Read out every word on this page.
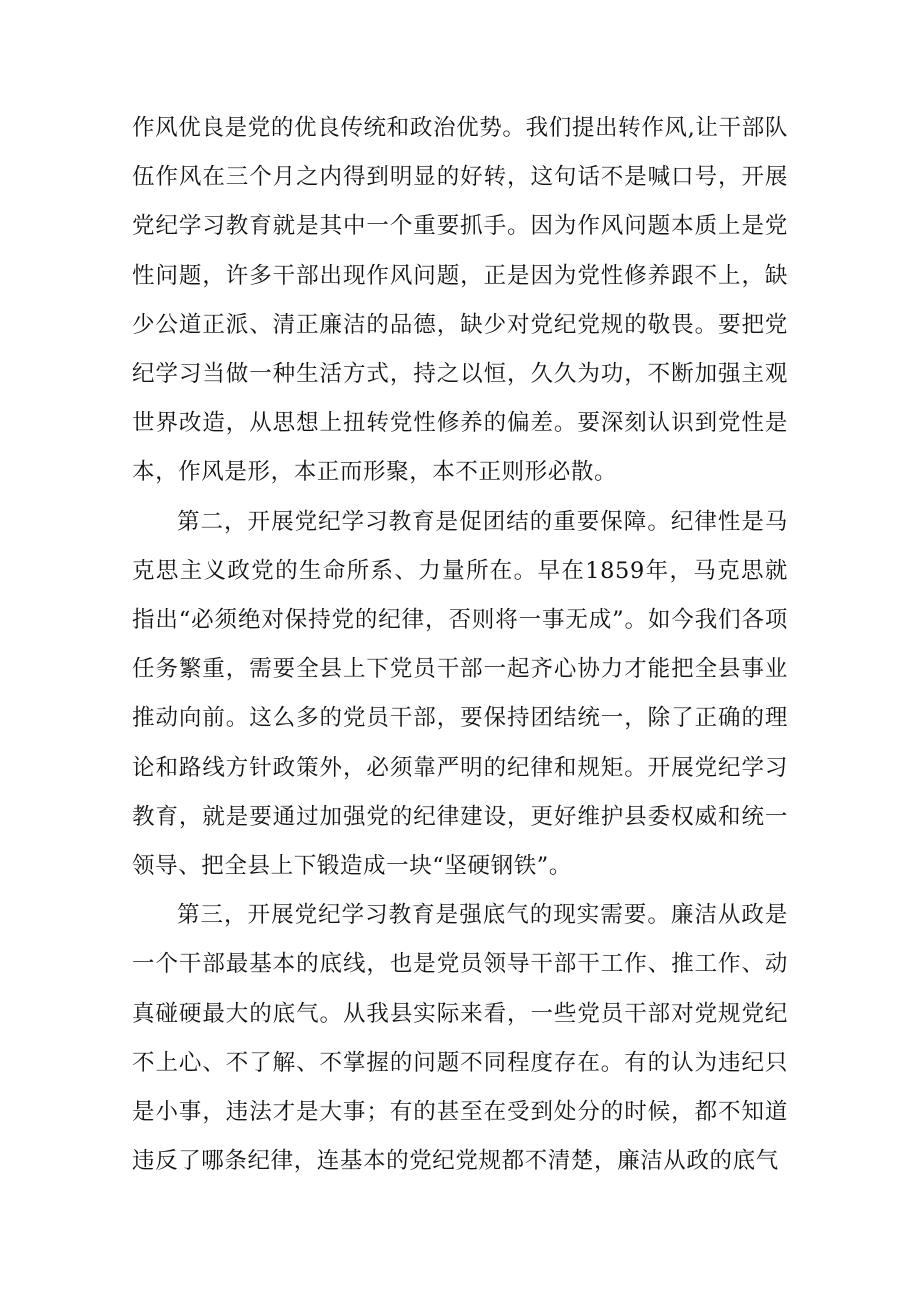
作风优良是党的优良传统和政治优势。我们提出转作风,让干部队伍作风在三个月之内得到明显的好转，这句话不是喊口号，开展党纪学习教育就是其中一个重要抓手。因为作风问题本质上是党性问题，许多干部出现作风问题，正是因为党性修养跟不上，缺少公道正派、清正廉洁的品德，缺少对党纪党规的敬畏。要把党纪学习当做一种生活方式，持之以恒，久久为功，不断加强主观世界改造，从思想上扭转党性修养的偏差。要深刻认识到党性是本，作风是形，本正而形聚，本不正则形必散。

第二，开展党纪学习教育是促团结的重要保障。纪律性是马克思主义政党的生命所系、力量所在。早在1859年，马克思就指出“必须绝对保持党的纪律，否则将一事无成”。如今我们各项任务繁重，需要全县上下党员干部一起齐心协力才能把全县事业推动向前。这么多的党员干部，要保持团结统一，除了正确的理论和路线方针政策外，必须靠严明的纪律和规矩。开展党纪学习教育，就是要通过加强党的纪律建设，更好维护县委权威和统一领导、把全县上下锻造成一块“坚硬钢铁”。

第三，开展党纪学习教育是强底气的现实需要。廉洁从政是一个干部最基本的底线，也是党员领导干部干工作、推工作、动真碰硬最大的底气。从我县实际来看，一些党员干部对党规党纪不上心、不了解、不掌握的问题不同程度存在。有的认为违纪只是小事，违法才是大事；有的甚至在受到处分的时候，都不知道违反了哪条纪律，连基本的党纪党规都不清楚，廉洁从政的底气
